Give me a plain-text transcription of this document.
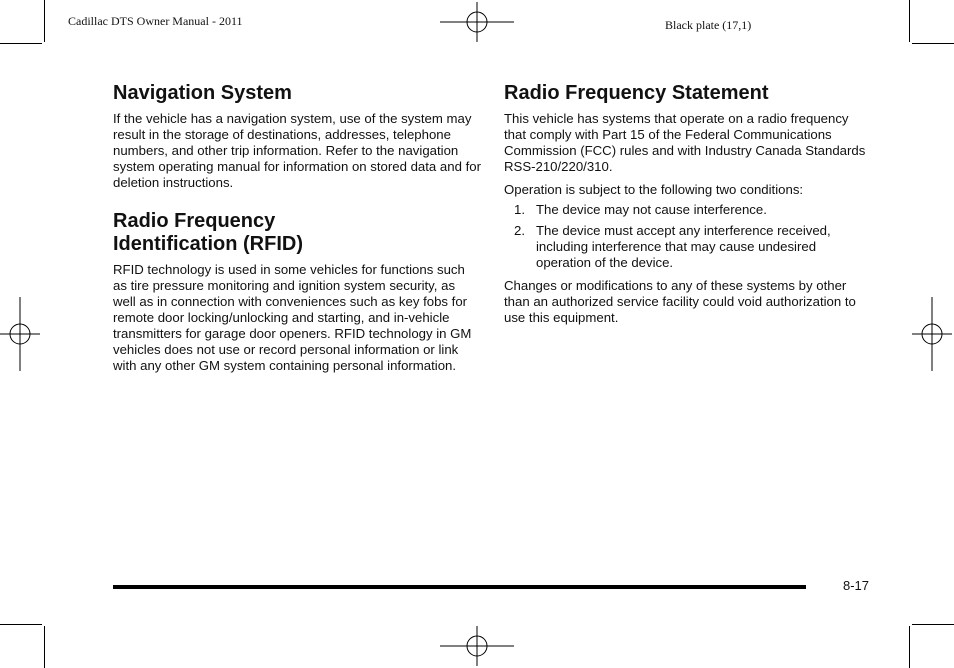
Cadillac DTS Owner Manual - 2011	Black plate (17,1)
Navigation System

If the vehicle has a navigation system, use of the system may result in the storage of destinations, addresses, telephone numbers, and other trip information. Refer to the navigation system operating manual for information on stored data and for deletion instructions.

Radio Frequency
Identification (RFID)

RFID technology is used in some vehicles for functions such as tire pressure monitoring and ignition system security, as well as in connection with conveniences such as key fobs for remote door locking/unlocking and starting, and in-vehicle transmitters for garage door openers. RFID technology in GM vehicles does not use or record personal information or link with any other GM system containing personal information.

Radio Frequency Statement

This vehicle has systems that operate on a radio frequency that comply with Part 15 of the Federal Communications Commission (FCC) rules and with Industry Canada Standards RSS-210/220/310.

Operation is subject to the following two conditions:

1. The device may not cause interference.
2. The device must accept any interference received, including interference that may cause undesired operation of the device.

Changes or modifications to any of these systems by other than an authorized service facility could void authorization to use this equipment.

8-17
